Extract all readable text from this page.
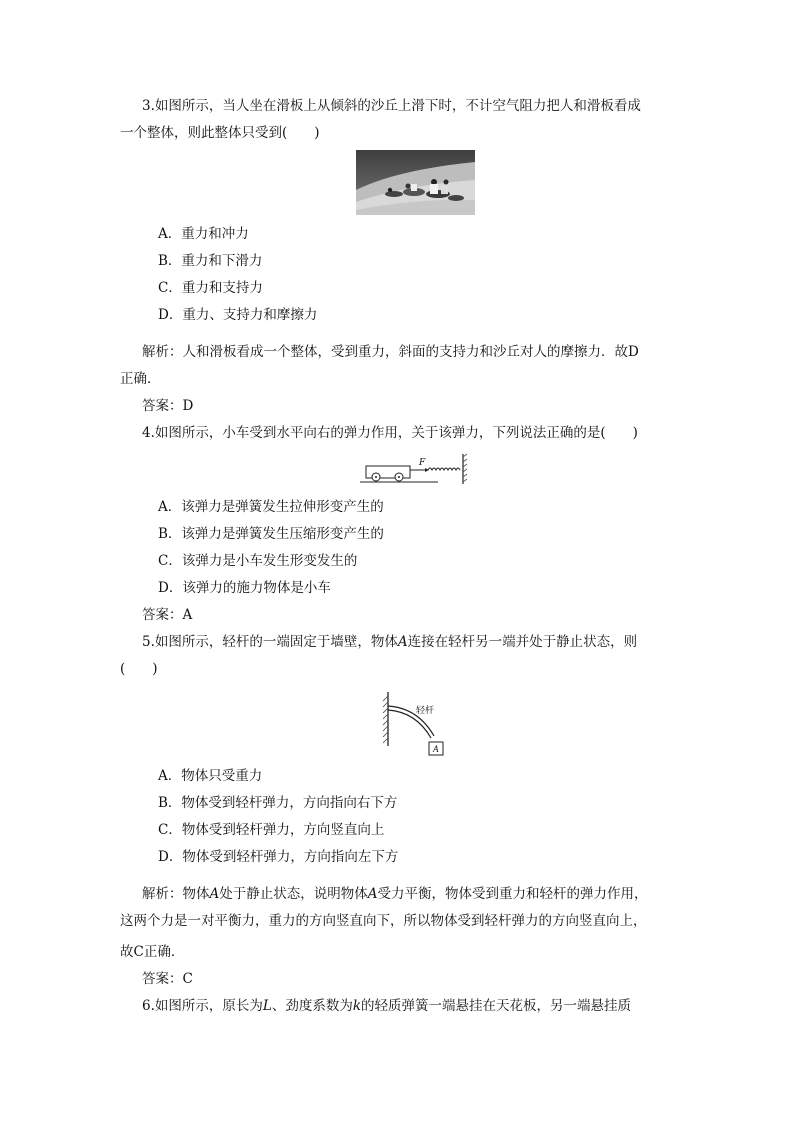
3.如图所示，当人坐在滑板上从倾斜的沙丘上滑下时，不计空气阻力把人和滑板看成
一个整体，则此整体只受到(　　)
A．重力和冲力
B．重力和下滑力
C．重力和支持力
D．重力、支持力和摩擦力
解析：人和滑板看成一个整体，受到重力，斜面的支持力和沙丘对人的摩擦力．故D
正确．
答案：D
4.如图所示，小车受到水平向右的弹力作用，关于该弹力，下列说法正确的是(　　)
F
A．该弹力是弹簧发生拉伸形变产生的
B．该弹力是弹簧发生压缩形变产生的
C．该弹力是小车发生形变发生的
D．该弹力的施力物体是小车
答案：A
5.如图所示，轻杆的一端固定于墙壁，物体A连接在轻杆另一端并处于静止状态，则
(　　)
轻杆
A
A．物体只受重力
B．物体受到轻杆弹力，方向指向右下方
C．物体受到轻杆弹力，方向竖直向上
D．物体受到轻杆弹力，方向指向左下方
解析：物体A处于静止状态，说明物体A受力平衡，物体受到重力和轻杆的弹力作用，
这两个力是一对平衡力，重力的方向竖直向下，所以物体受到轻杆弹力的方向竖直向上，
故C正确．
答案：C
6.如图所示，原长为L、劲度系数为k的轻质弹簧一端悬挂在天花板，另一端悬挂质
